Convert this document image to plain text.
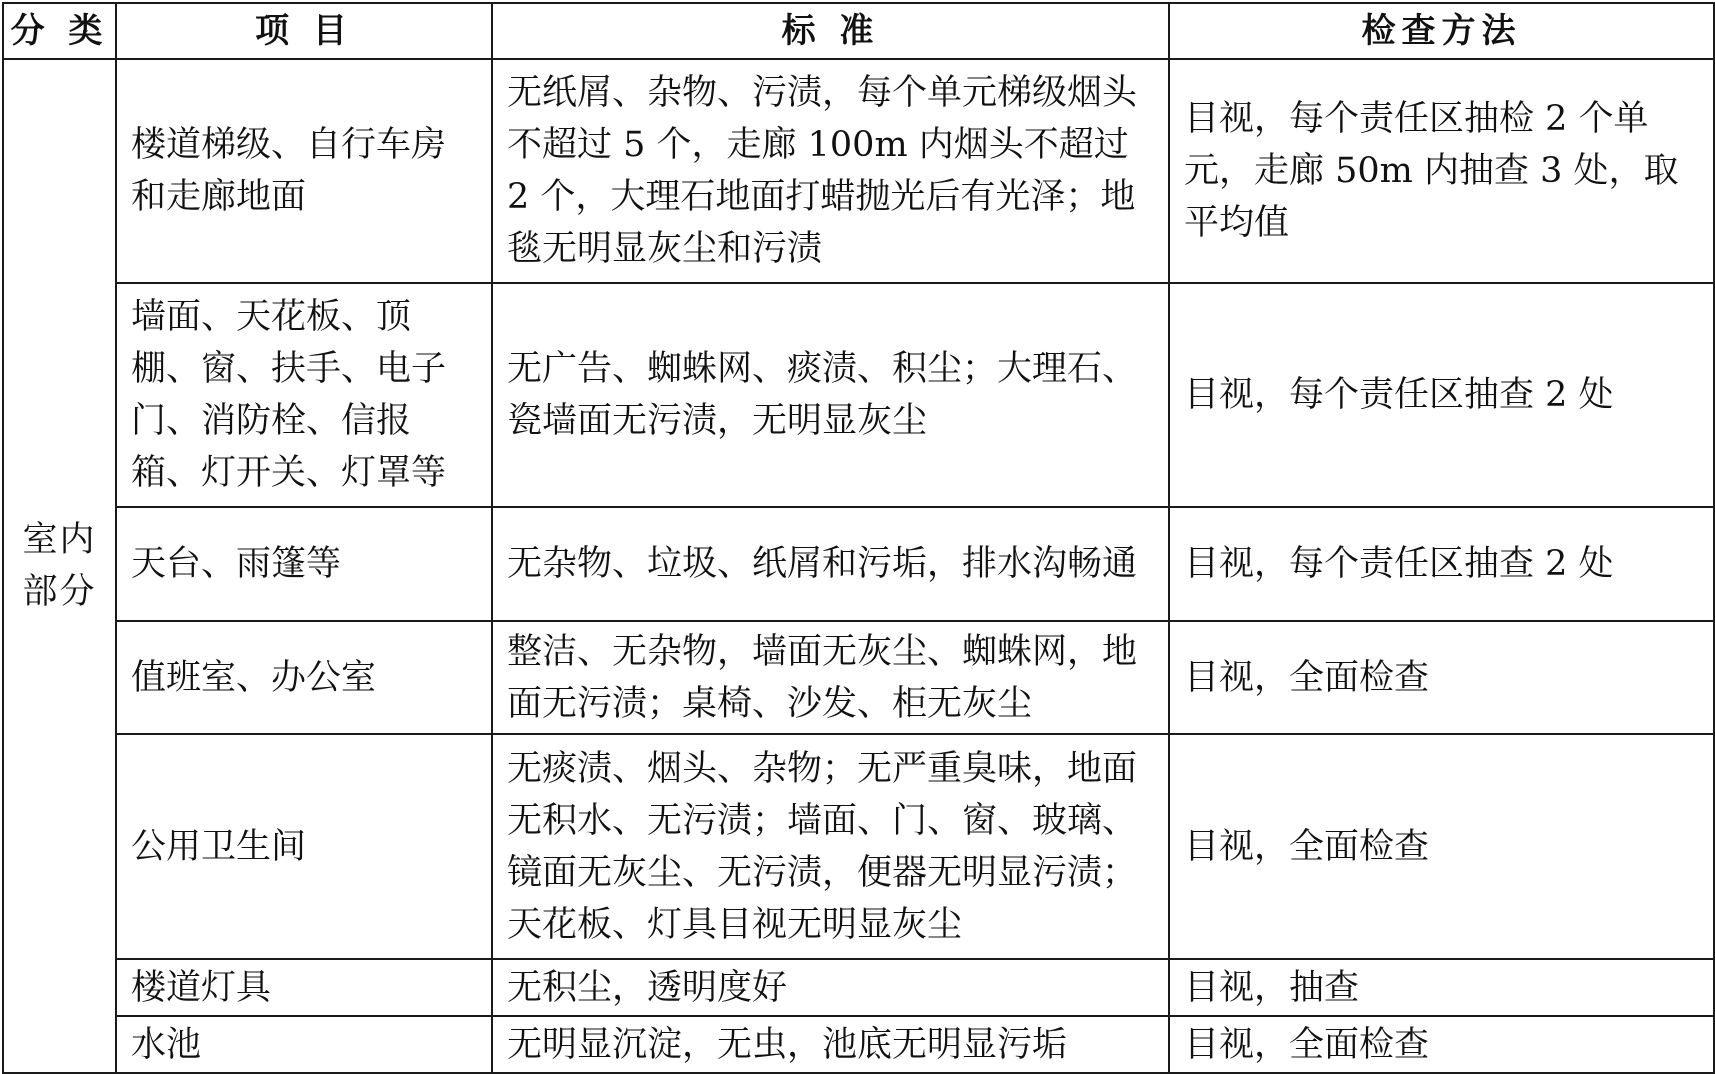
分 类	项 目	标 准	检查方法

室内
部分	楼道梯级、自行车房和走廊地面	无纸屑、杂物、污渍，每个单元梯级烟头不超过 5 个，走廊 100m 内烟头不超过 2 个，大理石地面打蜡抛光后有光泽；地毯无明显灰尘和污渍	目视，每个责任区抽检 2 个单元，走廊 50m 内抽查 3 处，取平均值
	墙面、天花板、顶棚、窗、扶手、电子门、消防栓、信报箱、灯开关、灯罩等	无广告、蜘蛛网、痰渍、积尘；大理石、瓷墙面无污渍，无明显灰尘	目视，每个责任区抽查 2 处
	天台、雨篷等	无杂物、垃圾、纸屑和污垢，排水沟畅通	目视，每个责任区抽查 2 处
	值班室、办公室	整洁、无杂物，墙面无灰尘、蜘蛛网，地面无污渍；桌椅、沙发、柜无灰尘	目视，全面检查
	公用卫生间	无痰渍、烟头、杂物；无严重臭味，地面无积水、无污渍；墙面、门、窗、玻璃、镜面无灰尘、无污渍，便器无明显污渍；天花板、灯具目视无明显灰尘	目视，全面检查
	楼道灯具	无积尘，透明度好	目视，抽查
	水池	无明显沉淀，无虫，池底无明显污垢	目视，全面检查
